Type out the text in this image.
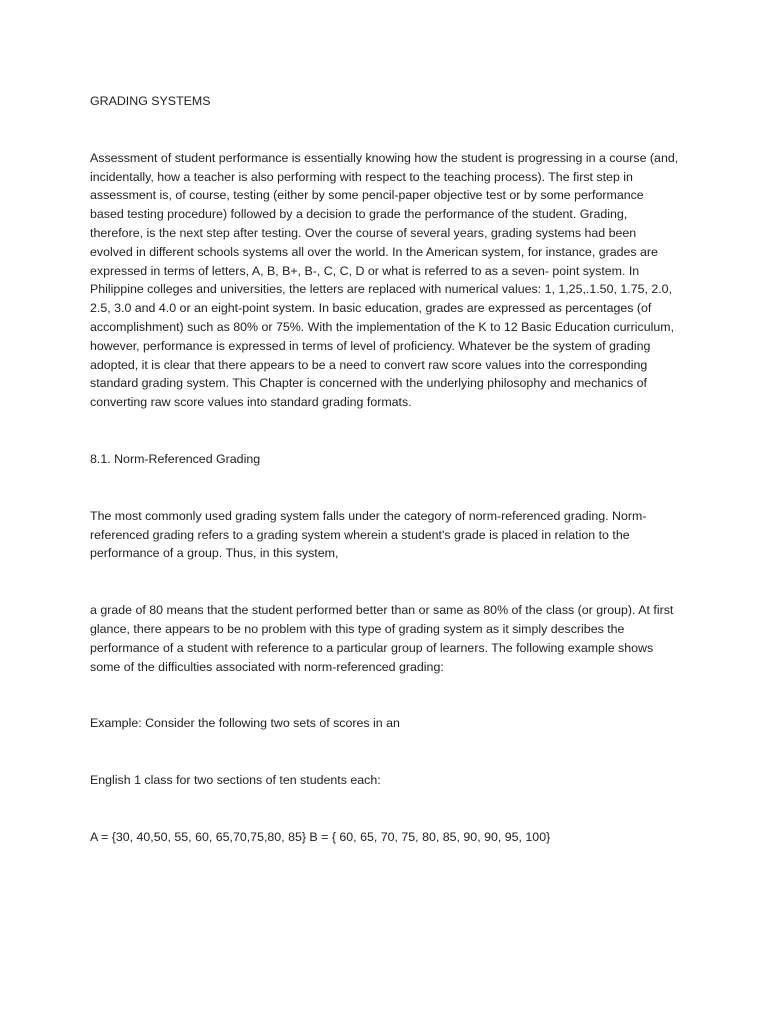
GRADING SYSTEMS

Assessment of student performance is essentially knowing how the student is progressing in a course (and, incidentally, how a teacher is also performing with respect to the teaching process). The first step in assessment is, of course, testing (either by some pencil-paper objective test or by some performance based testing procedure) followed by a decision to grade the performance of the student. Grading, therefore, is the next step after testing. Over the course of several years, grading systems had been evolved in different schools systems all over the world. In the American system, for instance, grades are expressed in terms of letters, A, B, B+, B-, C, C, D or what is referred to as a seven- point system. In Philippine colleges and universities, the letters are replaced with numerical values: 1, 1,25,.1.50, 1.75, 2.0, 2.5, 3.0 and 4.0 or an eight-point system. In basic education, grades are expressed as percentages (of accomplishment) such as 80% or 75%. With the implementation of the K to 12 Basic Education curriculum, however, performance is expressed in terms of level of proficiency. Whatever be the system of grading adopted, it is clear that there appears to be a need to convert raw score values into the corresponding standard grading system. This Chapter is concerned with the underlying philosophy and mechanics of converting raw score values into standard grading formats.

8.1. Norm-Referenced Grading

The most commonly used grading system falls under the category of norm-referenced grading. Norm-referenced grading refers to a grading system wherein a student's grade is placed in relation to the performance of a group. Thus, in this system,

a grade of 80 means that the student performed better than or same as 80% of the class (or group). At first glance, there appears to be no problem with this type of grading system as it simply describes the performance of a student with reference to a particular group of learners. The following example shows some of the difficulties associated with norm-referenced grading:

Example: Consider the following two sets of scores in an

English 1 class for two sections of ten students each:

A = {30, 40,50, 55, 60, 65,70,75,80, 85} B = { 60, 65, 70, 75, 80, 85, 90, 90, 95, 100}
